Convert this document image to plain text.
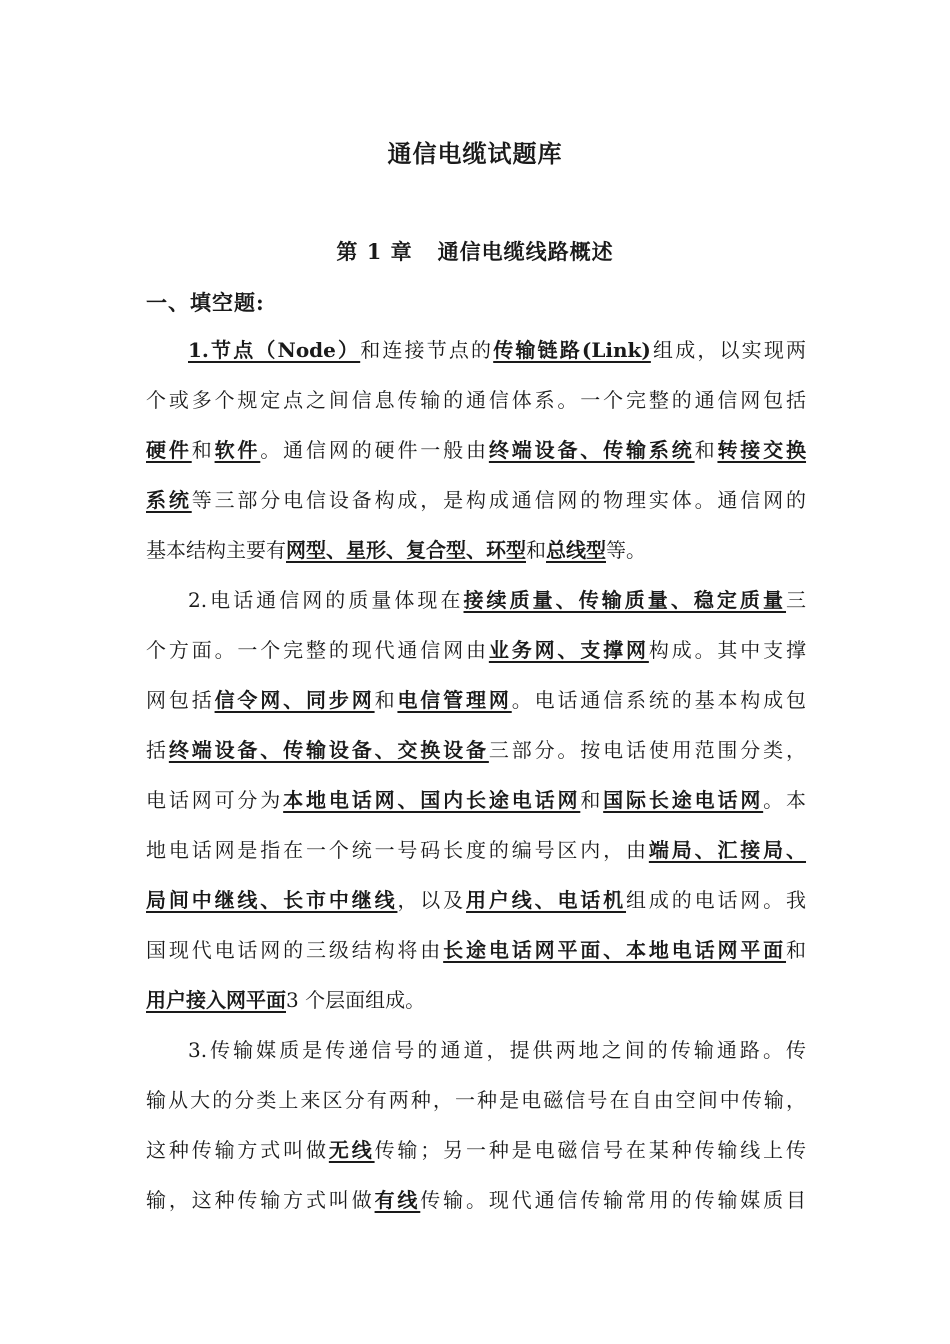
通信电缆试题库
第 1 章   通信电缆线路概述
一、填空题:
1.节点（Node）和连接节点的传输链路(Link)组成，以实现两
个或多个规定点之间信息传输的通信体系。一个完整的通信网包括
硬件和软件。通信网的硬件一般由终端设备、传输系统和转接交换
系统等三部分电信设备构成，是构成通信网的物理实体。通信网的
基本结构主要有网型、星形、复合型、环型和总线型等。
2.电话通信网的质量体现在接续质量、传输质量、稳定质量三
个方面。一个完整的现代通信网由业务网、支撑网构成。其中支撑
网包括信令网、同步网和电信管理网。电话通信系统的基本构成包
括终端设备、传输设备、交换设备三部分。按电话使用范围分类，
电话网可分为本地电话网、国内长途电话网和国际长途电话网。本
地电话网是指在一个统一号码长度的编号区内，由端局、汇接局、
局间中继线、长市中继线，以及用户线、电话机组成的电话网。我
国现代电话网的三级结构将由长途电话网平面、本地电话网平面和
用户接入网平面3 个层面组成。
3.传输媒质是传递信号的通道，提供两地之间的传输通路。传
输从大的分类上来区分有两种，一种是电磁信号在自由空间中传输，
这种传输方式叫做无线传输；另一种是电磁信号在某种传输线上传
输，这种传输方式叫做有线传输。现代通信传输常用的传输媒质目
